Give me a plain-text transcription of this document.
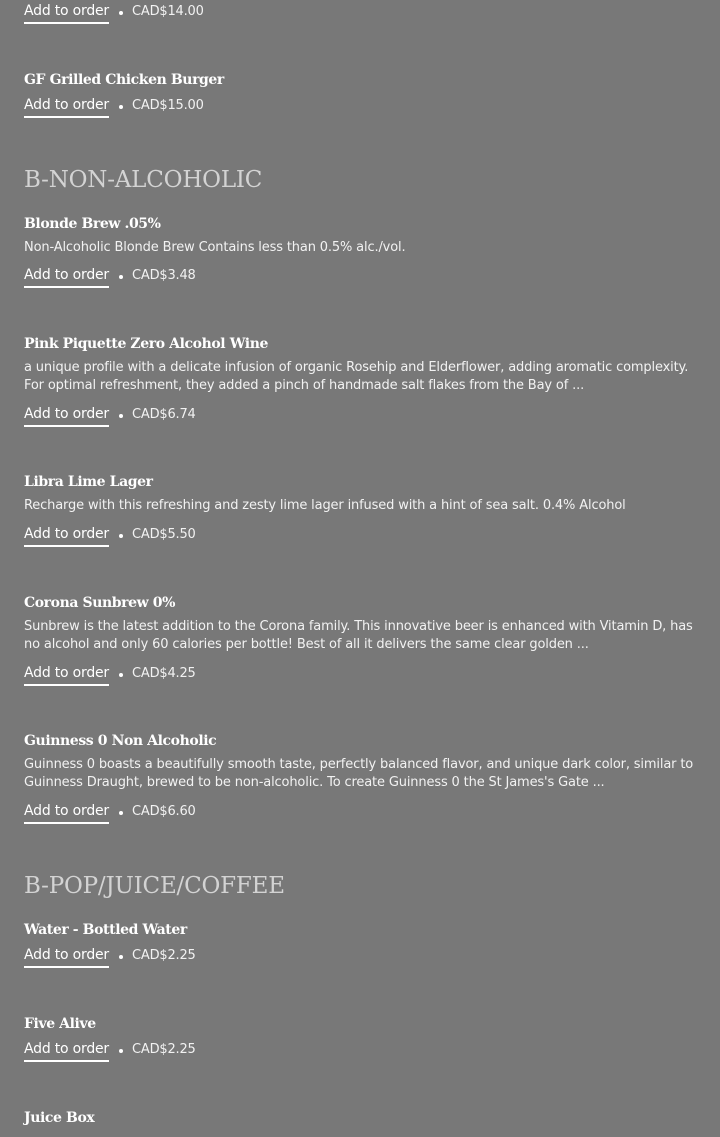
Add to order CAD$14.00
GF Grilled Chicken Burger
Add to order CAD$15.00
B-NON-ALCOHOLIC
Blonde Brew .05%

Non-Alcoholic Blonde Brew Contains less than 0.5% alc./vol.

Add to order CAD$3.48
Pink Piquette Zero Alcohol Wine

a unique profile with a delicate infusion of organic Rosehip and Elderflower, adding aromatic complexity. For optimal refreshment, they added a pinch of handmade salt flakes from the Bay of ...

Add to order CAD$6.74
Libra Lime Lager

Recharge with this refreshing and zesty lime lager infused with a hint of sea salt. 0.4% Alcohol

Add to order CAD$5.50
Corona Sunbrew 0%

Sunbrew is the latest addition to the Corona family. This innovative beer is enhanced with Vitamin D, has no alcohol and only 60 calories per bottle! Best of all it delivers the same clear golden ...

Add to order CAD$4.25
Guinness 0 Non Alcoholic

Guinness 0 boasts a beautifully smooth taste, perfectly balanced flavor, and unique dark color, similar to Guinness Draught, brewed to be non-alcoholic. To create Guinness 0 the St James's Gate ...

Add to order CAD$6.60
B-POP/JUICE/COFFEE
Water - Bottled Water
Add to order CAD$2.25
Five Alive
Add to order CAD$2.25
Juice Box
